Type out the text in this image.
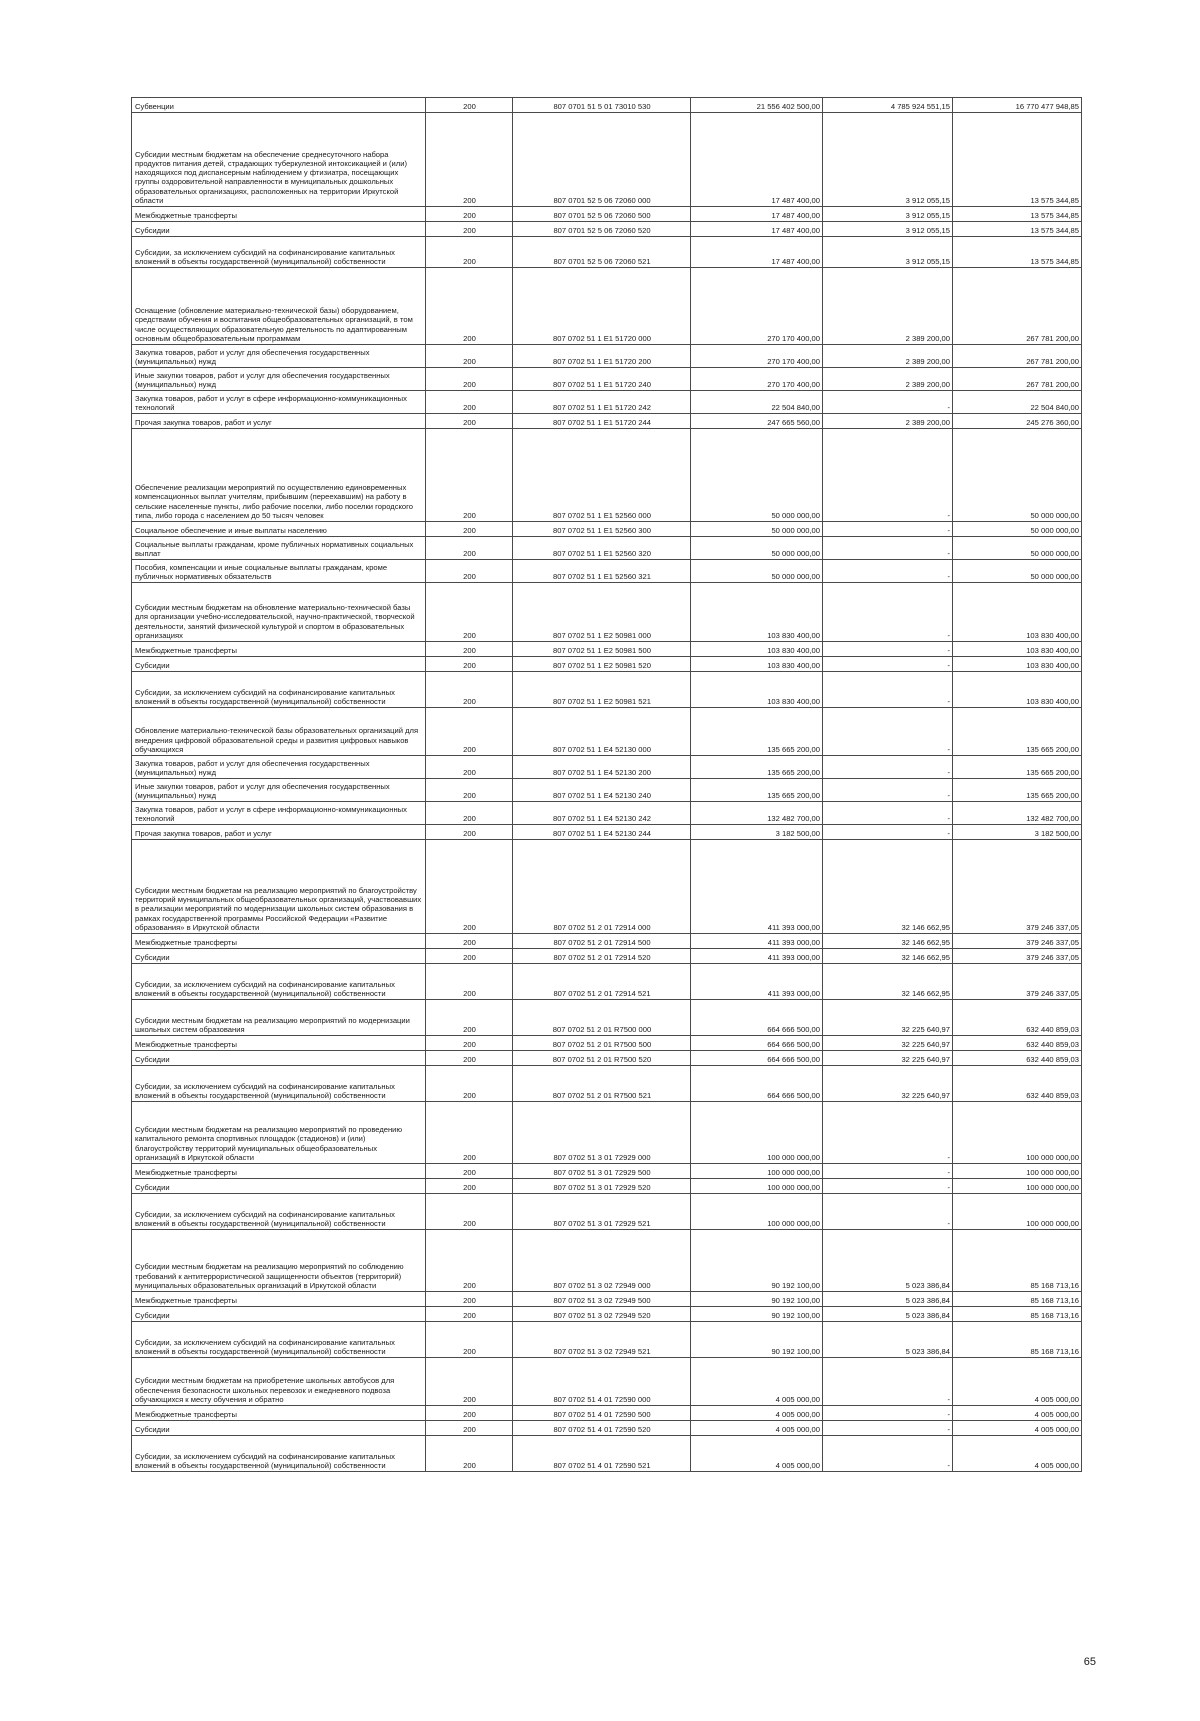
Субвенции	200	807 0701 51 5 01 73010 530	21 556 402 500,00	4 785 924 551,15	16 770 477 948,85
Субсидии местным бюджетам на обеспечение среднесуточного набора продуктов питания детей, страдающих туберкулезной интоксикацией и (или) находящихся под диспансерным наблюдением у фтизиатра, посещающих группы оздоровительной направленности в муниципальных дошкольных образовательных организациях, расположенных на территории Иркутской области	200	807 0701 52 5 06 72060 000	17 487 400,00	3 912 055,15	13 575 344,85
Межбюджетные трансферты	200	807 0701 52 5 06 72060 500	17 487 400,00	3 912 055,15	13 575 344,85
Субсидии	200	807 0701 52 5 06 72060 520	17 487 400,00	3 912 055,15	13 575 344,85
Субсидии, за исключением субсидий на софинансирование капитальных вложений в объекты государственной (муниципальной) собственности	200	807 0701 52 5 06 72060 521	17 487 400,00	3 912 055,15	13 575 344,85
Оснащение (обновление материально-технической базы) оборудованием, средствами обучения и воспитания общеобразовательных организаций, в том числе осуществляющих образовательную деятельность по адаптированным основным общеобразовательным программам	200	807 0702 51 1 E1 51720 000	270 170 400,00	2 389 200,00	267 781 200,00
Закупка товаров, работ и услуг для обеспечения государственных (муниципальных) нужд	200	807 0702 51 1 E1 51720 200	270 170 400,00	2 389 200,00	267 781 200,00
Иные закупки товаров, работ и услуг для обеспечения государственных (муниципальных) нужд	200	807 0702 51 1 E1 51720 240	270 170 400,00	2 389 200,00	267 781 200,00
Закупка товаров, работ и услуг в сфере информационно-коммуникационных технологий	200	807 0702 51 1 E1 51720 242	22 504 840,00	-	22 504 840,00
Прочая закупка товаров, работ и услуг	200	807 0702 51 1 E1 51720 244	247 665 560,00	2 389 200,00	245 276 360,00
Обеспечение реализации мероприятий по осуществлению единовременных компенсационных выплат учителям, прибывшим (переехавшим) на работу в сельские населенные пункты, либо рабочие поселки, либо поселки городского типа, либо города с населением до 50 тысяч человек	200	807 0702 51 1 E1 52560 000	50 000 000,00	-	50 000 000,00
Социальное обеспечение и иные выплаты населению	200	807 0702 51 1 E1 52560 300	50 000 000,00	-	50 000 000,00
Социальные выплаты гражданам, кроме публичных нормативных социальных выплат	200	807 0702 51 1 E1 52560 320	50 000 000,00	-	50 000 000,00
Пособия, компенсации и иные социальные выплаты гражданам, кроме публичных нормативных обязательств	200	807 0702 51 1 E1 52560 321	50 000 000,00	-	50 000 000,00
Субсидии местным бюджетам на обновление материально-технической базы для организации учебно-исследовательской, научно-практической, творческой деятельности, занятий физической культурой и спортом в образовательных организациях	200	807 0702 51 1 E2 50981 000	103 830 400,00	-	103 830 400,00
Межбюджетные трансферты	200	807 0702 51 1 E2 50981 500	103 830 400,00	-	103 830 400,00
Субсидии	200	807 0702 51 1 E2 50981 520	103 830 400,00	-	103 830 400,00
Субсидии, за исключением субсидий на софинансирование капитальных вложений в объекты государственной (муниципальной) собственности	200	807 0702 51 1 E2 50981 521	103 830 400,00	-	103 830 400,00
Обновление материально-технической базы образовательных организаций для внедрения цифровой образовательной среды и развития цифровых навыков обучающихся	200	807 0702 51 1 E4 52130 000	135 665 200,00	-	135 665 200,00
Закупка товаров, работ и услуг для обеспечения государственных (муниципальных) нужд	200	807 0702 51 1 E4 52130 200	135 665 200,00	-	135 665 200,00
Иные закупки товаров, работ и услуг для обеспечения государственных (муниципальных) нужд	200	807 0702 51 1 E4 52130 240	135 665 200,00	-	135 665 200,00
Закупка товаров, работ и услуг в сфере информационно-коммуникационных технологий	200	807 0702 51 1 E4 52130 242	132 482 700,00	-	132 482 700,00
Прочая закупка товаров, работ и услуг	200	807 0702 51 1 E4 52130 244	3 182 500,00	-	3 182 500,00
Субсидии местным бюджетам на реализацию мероприятий по благоустройству территорий муниципальных общеобразовательных организаций, участвовавших в реализации мероприятий по модернизации школьных систем образования в рамках государственной программы Российской Федерации «Развитие образования» в Иркутской области	200	807 0702 51 2 01 72914 000	411 393 000,00	32 146 662,95	379 246 337,05
Межбюджетные трансферты	200	807 0702 51 2 01 72914 500	411 393 000,00	32 146 662,95	379 246 337,05
Субсидии	200	807 0702 51 2 01 72914 520	411 393 000,00	32 146 662,95	379 246 337,05
Субсидии, за исключением субсидий на софинансирование капитальных вложений в объекты государственной (муниципальной) собственности	200	807 0702 51 2 01 72914 521	411 393 000,00	32 146 662,95	379 246 337,05
Субсидии местным бюджетам на реализацию мероприятий по модернизации школьных систем образования	200	807 0702 51 2 01 R7500 000	664 666 500,00	32 225 640,97	632 440 859,03
Межбюджетные трансферты	200	807 0702 51 2 01 R7500 500	664 666 500,00	32 225 640,97	632 440 859,03
Субсидии	200	807 0702 51 2 01 R7500 520	664 666 500,00	32 225 640,97	632 440 859,03
Субсидии, за исключением субсидий на софинансирование капитальных вложений в объекты государственной (муниципальной) собственности	200	807 0702 51 2 01 R7500 521	664 666 500,00	32 225 640,97	632 440 859,03
Субсидии местным бюджетам на реализацию мероприятий по проведению капитального ремонта спортивных площадок (стадионов) и (или) благоустройству территорий муниципальных общеобразовательных организаций в Иркутской области	200	807 0702 51 3 01 72929 000	100 000 000,00	-	100 000 000,00
Межбюджетные трансферты	200	807 0702 51 3 01 72929 500	100 000 000,00	-	100 000 000,00
Субсидии	200	807 0702 51 3 01 72929 520	100 000 000,00	-	100 000 000,00
Субсидии, за исключением субсидий на софинансирование капитальных вложений в объекты государственной (муниципальной) собственности	200	807 0702 51 3 01 72929 521	100 000 000,00	-	100 000 000,00
Субсидии местным бюджетам на реализацию мероприятий по соблюдению требований к антитеррористической защищенности объектов (территорий) муниципальных образовательных организаций в Иркутской области	200	807 0702 51 3 02 72949 000	90 192 100,00	5 023 386,84	85 168 713,16
Межбюджетные трансферты	200	807 0702 51 3 02 72949 500	90 192 100,00	5 023 386,84	85 168 713,16
Субсидии	200	807 0702 51 3 02 72949 520	90 192 100,00	5 023 386,84	85 168 713,16
Субсидии, за исключением субсидий на софинансирование капитальных вложений в объекты государственной (муниципальной) собственности	200	807 0702 51 3 02 72949 521	90 192 100,00	5 023 386,84	85 168 713,16
Субсидии местным бюджетам на приобретение школьных автобусов для обеспечения безопасности школьных перевозок и ежедневного подвоза обучающихся к месту обучения и обратно	200	807 0702 51 4 01 72590 000	4 005 000,00	-	4 005 000,00
Межбюджетные трансферты	200	807 0702 51 4 01 72590 500	4 005 000,00	-	4 005 000,00
Субсидии	200	807 0702 51 4 01 72590 520	4 005 000,00	-	4 005 000,00
Субсидии, за исключением субсидий на софинансирование капитальных вложений в объекты государственной (муниципальной) собственности	200	807 0702 51 4 01 72590 521	4 005 000,00	-	4 005 000,00
65
